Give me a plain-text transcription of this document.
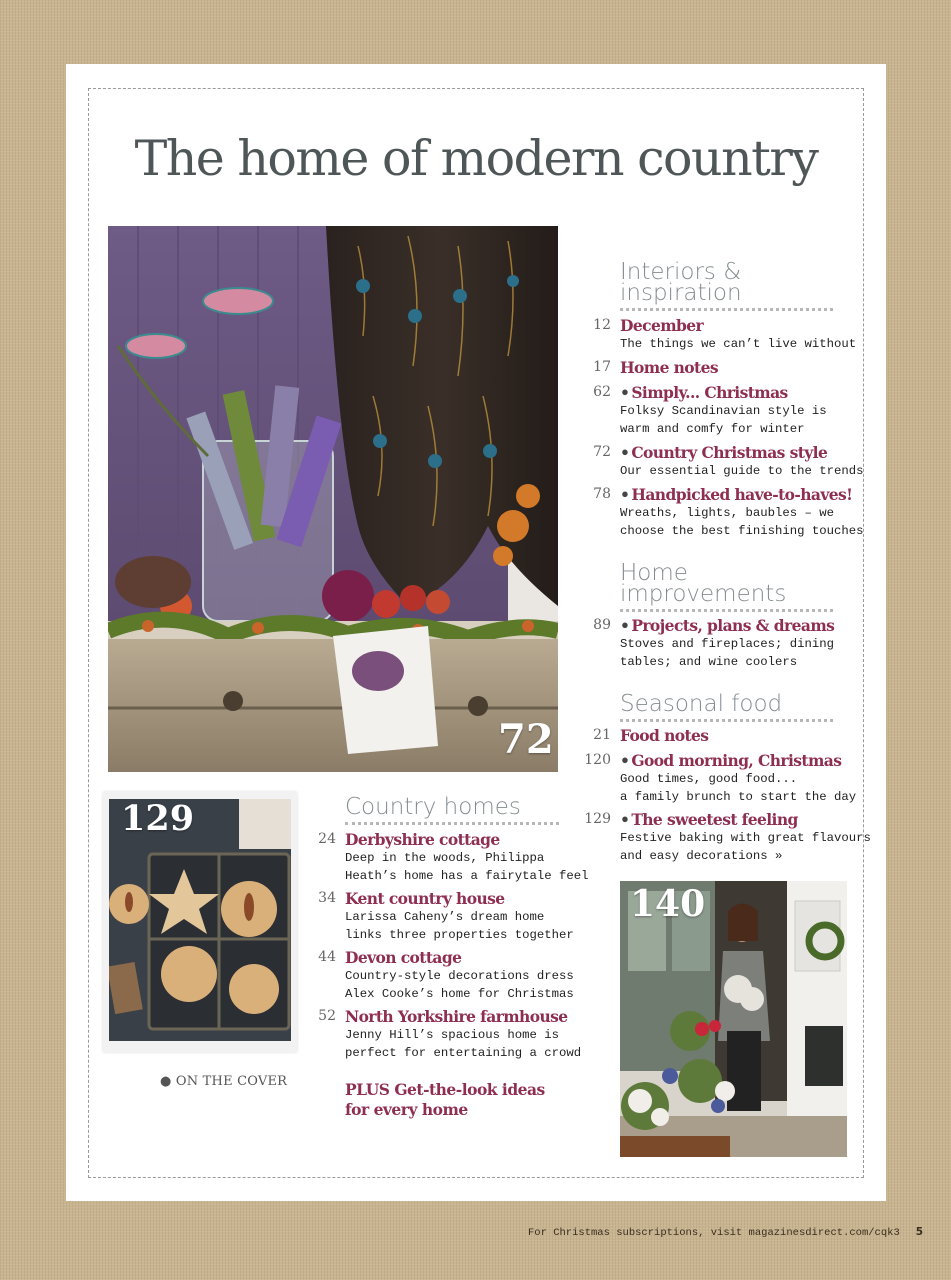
The home of modern country
72
129
● ON THE COVER
140
Interiors &
inspiration
12 December
The things we can’t live without
17 Home notes
62 • Simply... Christmas
Folksy Scandinavian style is
warm and comfy for winter
72 • Country Christmas style
Our essential guide to the trends
78 • Handpicked have-to-haves!
Wreaths, lights, baubles – we
choose the best finishing touches
Home
improvements
89 • Projects, plans & dreams
Stoves and fireplaces; dining
tables; and wine coolers
Seasonal food
21 Food notes
120 • Good morning, Christmas
Good times, good food...
a family brunch to start the day
129 • The sweetest feeling
Festive baking with great flavours
and easy decorations »
Country homes
24 Derbyshire cottage
Deep in the woods, Philippa
Heath’s home has a fairytale feel
34 Kent country house
Larissa Caheny’s dream home
links three properties together
44 Devon cottage
Country-style decorations dress
Alex Cooke’s home for Christmas
52 North Yorkshire farmhouse
Jenny Hill’s spacious home is
perfect for entertaining a crowd
PLUS Get-the-look ideas
for every home
For Christmas subscriptions, visit magazinesdirect.com/cqk3 5
